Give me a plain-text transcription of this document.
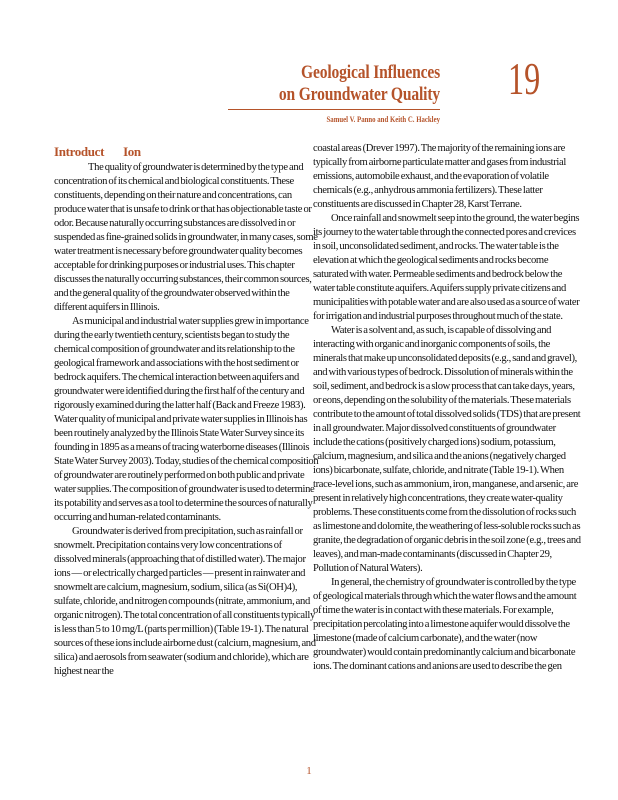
Geological Influences
on Groundwater Quality 19
Samuel V. Panno and Keith C. Hackley
Introduct          Ion

The quality of groundwater is determined by the type and concentration of its chemical and biological constituents. These constituents, depending on their nature and concentrations, can produce water that is unsafe to drink or that has objectionable taste or odor. Because naturally occurring substances are dissolved in or suspended as fine-grained solids in groundwater, in many cases, some water treatment is necessary before groundwater quality becomes acceptable for drinking purposes or industrial uses. This chapter discusses the naturally occurring substances, their common sources, and the general quality of the groundwater observed within the different aquifers in Illinois.

As municipal and industrial water supplies grew in importance during the early twentieth century, scientists began to study the chemical composition of groundwater and its relationship to the geological framework and associations with the host sediment or bedrock aquifers. The chemical interaction between aquifers and groundwater were identified during the first half of the century and rigorously examined during the latter half (Back and Freeze 1983). Water quality of municipal and private water supplies in Illinois has been routinely analyzed by the Illinois State Water Survey since its founding in 1895 as a means of tracing waterborne diseases (Illinois State Water Survey 2003). Today, studies of the chemical composition of groundwater are routinely performed on both public and private water supplies. The composition of groundwater is used to determine its potability and serves as a tool to determine the sources of naturally occurring and human-related contaminants.

Groundwater is derived from precipitation, such as rainfall or snowmelt. Precipitation contains very low concentrations of dissolved minerals (approaching that of distilled water). The major ions — or electrically charged particles — present in rainwater and snowmelt are calcium, magnesium, sodium, silica (as Si(OH)4), sulfate, chloride, and nitrogen compounds (nitrate, ammonium, and organic nitrogen). The total concentration of all constituents typically is less than 5 to 10 mg/L (parts per million) (Table 19-1). The natural sources of these ions include airborne dust (calcium, magnesium, and silica) and aerosols from seawater (sodium and chloride), which are highest near the

coastal areas (Drever 1997). The majority of the remaining ions are typically from airborne particulate matter and gases from industrial emissions, automobile exhaust, and the evaporation of volatile chemicals (e.g., anhydrous ammonia fertilizers). These latter constituents are discussed in Chapter 28, Karst Terrane.

Once rainfall and snowmelt seep into the ground, the water begins its journey to the water table through the connected pores and crevices in soil, unconsolidated sediment, and rocks. The water table is the elevation at which the geological sediments and rocks become saturated with water. Permeable sediments and bedrock below the water table constitute aquifers. Aquifers supply private citizens and municipalities with potable water and are also used as a source of water for irrigation and industrial purposes throughout much of the state.

Water is a solvent and, as such, is capable of dissolving and interacting with organic and inorganic components of soils, the minerals that make up unconsolidated deposits (e.g., sand and gravel), and with various types of bedrock. Dissolution of minerals within the soil, sediment, and bedrock is a slow process that can take days, years, or eons, depending on the solubility of the materials. These materials contribute to the amount of total dissolved solids (TDS) that are present in all groundwater. Major dissolved constituents of groundwater include the cations (positively charged ions) sodium, potassium, calcium, magnesium, and silica and the anions (negatively charged ions) bicarbonate, sulfate, chloride, and nitrate (Table 19-1). When trace-level ions, such as ammonium, iron, manganese, and arsenic, are present in relatively high concentrations, they create water-quality problems. These constituents come from the dissolution of rocks such as limestone and dolomite, the weathering of less-soluble rocks such as granite, the degradation of organic debris in the soil zone (e.g., trees and leaves), and man-made contaminants (discussed in Chapter 29, Pollution of Natural Waters).

In general, the chemistry of groundwater is controlled by the type of geological materials through which the water flows and the amount of time the water is in contact with these materials. For example, precipitation percolating into a limestone aquifer would dissolve the limestone (made of calcium carbonate), and the water (now groundwater) would contain predominantly calcium and bicarbonate ions. The dominant cations and anions are used to describe the gen

1
